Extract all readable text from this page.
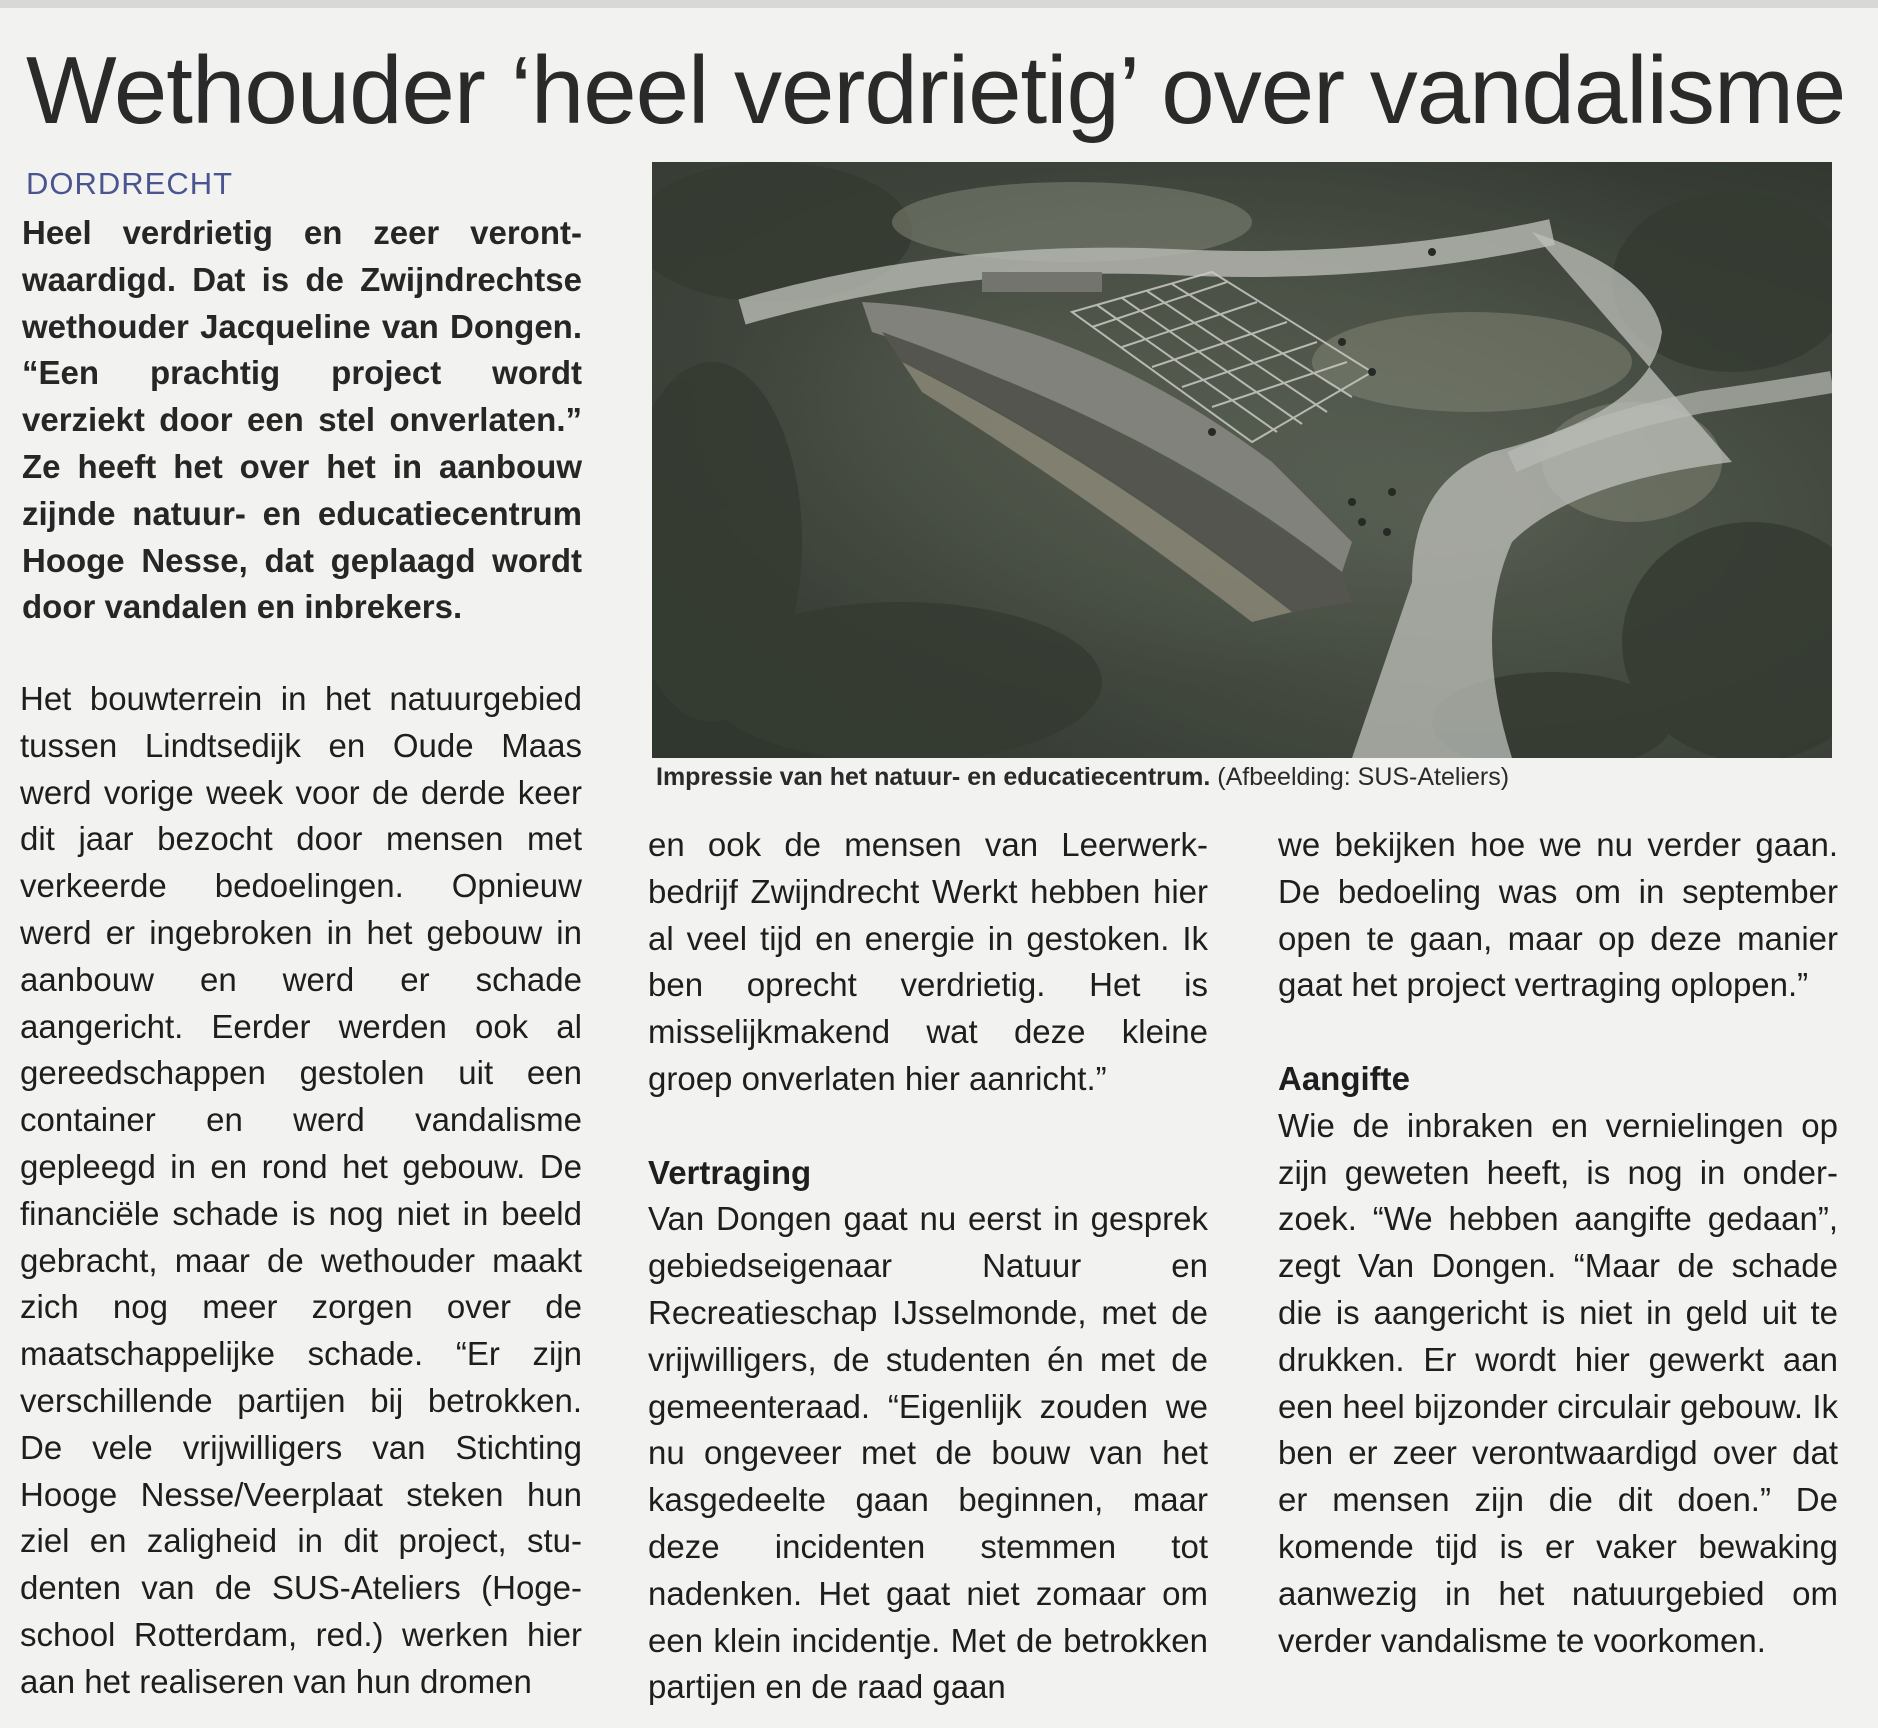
Wethouder ‘heel verdrietig’ over vandalisme
DORDRECHT
Heel verdrietig en zeer verontwaardigd. Dat is de Zwijndrechtse wethouder Jacqueline van Dongen. “Een prachtig project wordt verziekt door een stel onverlaten.” Ze heeft het over het in aanbouw zijnde natuur- en educatiecentrum Hooge Nesse, dat geplaagd wordt door vandalen en inbrekers.

Het bouwterrein in het natuurgebied tussen Lindtsedijk en Oude Maas werd vorige week voor de derde keer dit jaar bezocht door mensen met verkeerde bedoelingen. Opnieuw werd er ingebroken in het gebouw in aanbouw en werd er schade aangericht. Eerder werden ook al gereedschappen gestolen uit een container en werd vandalisme gepleegd in en rond het gebouw. De financiële schade is nog niet in beeld gebracht, maar de wethouder maakt zich nog meer zorgen over de maatschappelijke schade. “Er zijn verschillende partijen bij betrokken. De vele vrijwilligers van Stichting Hooge Nesse/Veerplaat steken hun ziel en zaligheid in dit project, studenten van de SUS-Ateliers (Hogeschool Rotterdam, red.) werken hier aan het realiseren van hun dromen

Impressie van het natuur- en educatiecentrum. (Afbeelding: SUS-Ateliers)

en ook de mensen van Leerwerkbedrijf Zwijndrecht Werkt hebben hier al veel tijd en energie in gestoken. Ik ben oprecht verdrietig. Het is misselijkmakend wat deze kleine groep onverlaten hier aanricht.”

Vertraging

Van Dongen gaat nu eerst in gesprek gebiedseigenaar Natuur en Recreatieschap IJsselmonde, met de vrijwilligers, de studenten én met de gemeenteraad. “Eigenlijk zouden we nu ongeveer met de bouw van het kasgedeelte gaan beginnen, maar deze incidenten stemmen tot nadenken. Het gaat niet zomaar om een klein incidentje. Met de betrokken partijen en de raad gaan

we bekijken hoe we nu verder gaan. De bedoeling was om in september open te gaan, maar op deze manier gaat het project vertraging oplopen.”

Aangifte

Wie de inbraken en vernielingen op zijn geweten heeft, is nog in onderzoek. “We hebben aangifte gedaan”, zegt Van Dongen. “Maar de schade die is aangericht is niet in geld uit te drukken. Er wordt hier gewerkt aan een heel bijzonder circulair gebouw. Ik ben er zeer verontwaardigd over dat er mensen zijn die dit doen.” De komende tijd is er vaker bewaking aanwezig in het natuurgebied om verder vandalisme te voorkomen.
